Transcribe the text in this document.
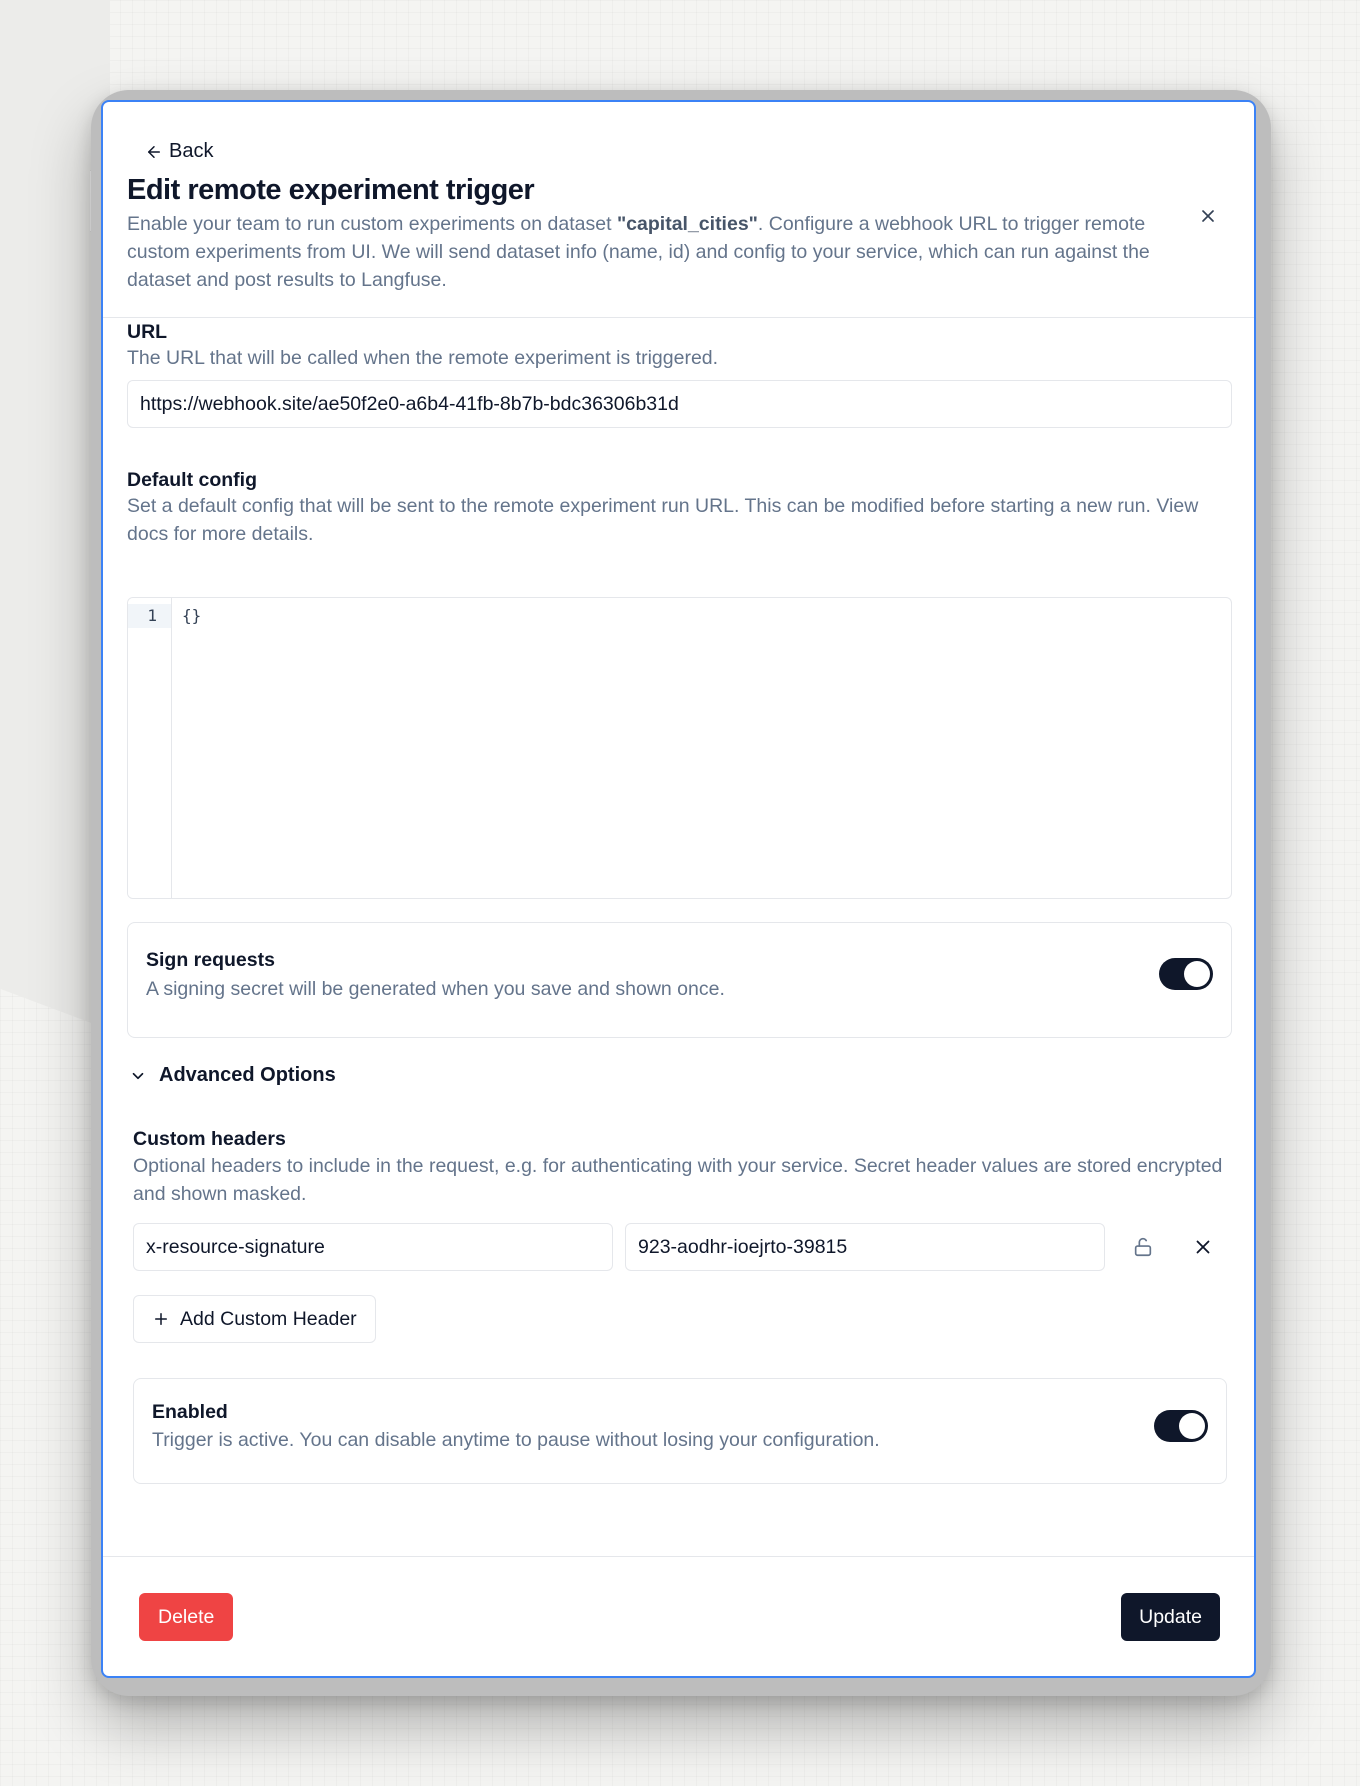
Back
Edit remote experiment trigger
Enable your team to run custom experiments on dataset "capital_cities". Configure a webhook URL to trigger remote custom experiments from UI. We will send dataset info (name, id) and config to your service, which can run against the dataset and post results to Langfuse.
URL
The URL that will be called when the remote experiment is triggered.
https://webhook.site/ae50f2e0-a6b4-41fb-8b7b-bdc36306b31d
Default config
Set a default config that will be sent to the remote experiment run URL. This can be modified before starting a new run. View docs for more details.
1	{}
Sign requests
A signing secret will be generated when you save and shown once.
Advanced Options
Custom headers
Optional headers to include in the request, e.g. for authenticating with your service. Secret header values are stored encrypted and shown masked.
x-resource-signature
923-aodhr-ioejrto-39815
Add Custom Header
Enabled
Trigger is active. You can disable anytime to pause without losing your configuration.
Delete	Update
